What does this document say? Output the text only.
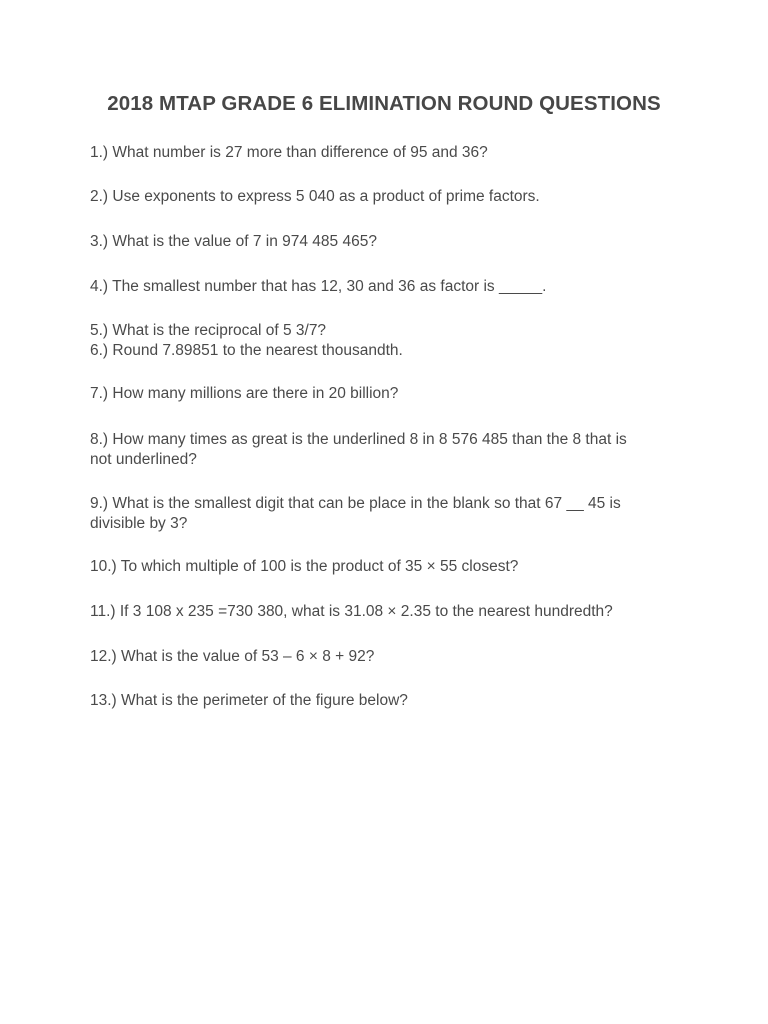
2018 MTAP GRADE 6 ELIMINATION ROUND QUESTIONS
1.) What number is 27 more than difference of 95 and 36?
2.) Use exponents to express 5 040 as a product of prime factors.
3.) What is the value of 7 in 974 485 465?
4.) The smallest number that has 12, 30 and 36 as factor is _____.
5.) What is the reciprocal of 5 3/7?
6.) Round 7.89851 to the nearest thousandth.
7.) How many millions are there in 20 billion?
8.) How many times as great is the underlined 8 in 8 576 485 than the 8 that is
not underlined?
9.) What is the smallest digit that can be place in the blank so that 67 __ 45 is
divisible by 3?
10.) To which multiple of 100 is the product of 35 × 55 closest?
11.) If 3 108 x 235 =730 380, what is 31.08 × 2.35 to the nearest hundredth?
12.) What is the value of 53 – 6 × 8 + 92?
13.) What is the perimeter of the figure below?
